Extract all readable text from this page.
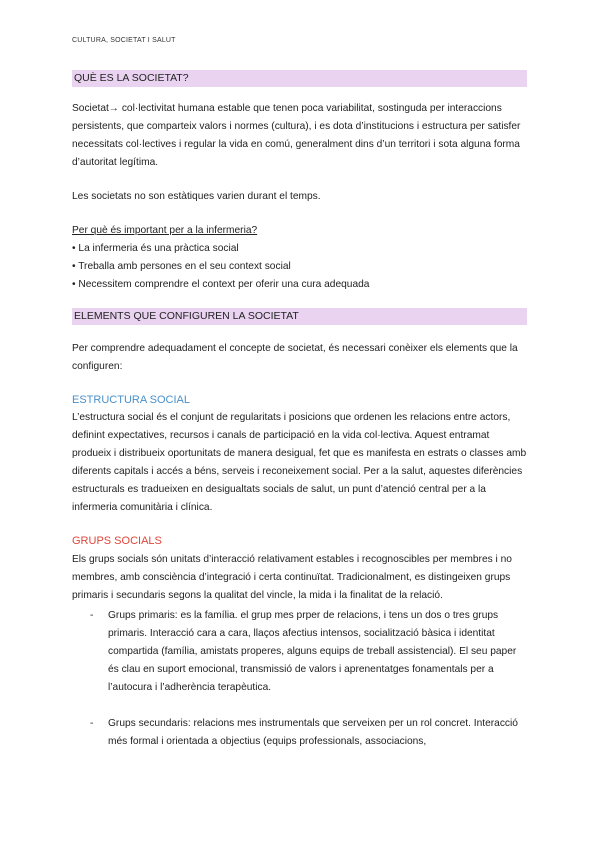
CULTURA, SOCIETAT I SALUT
QUÈ ES LA SOCIETAT?

Societat→ col·lectivitat humana estable que tenen poca variabilitat, sostinguda per interaccions persistents, que comparteix valors i normes (cultura), i es dota d’institucions i estructura per satisfer necessitats col·lectives i regular la vida en comú, generalment dins d’un territori i sota alguna forma d’autoritat legítima.

Les societats no son estàtiques varien durant el temps.

Per què és important per a la infermeria?

• La infermeria és una pràctica social
• Treballa amb persones en el seu context social
• Necessitem comprendre el context per oferir una cura adequada
ELEMENTS QUE CONFIGUREN LA SOCIETAT

Per comprendre adequadament el concepte de societat, és necessari conèixer els elements que la configuren:

ESTRUCTURA SOCIAL

L’estructura social és el conjunt de regularitats i posicions que ordenen les relacions entre actors, definint expectatives, recursos i canals de participació en la vida col·lectiva. Aquest entramat produeix i distribueix oportunitats de manera desigual, fet que es manifesta en estrats o classes amb diferents capitals i accés a béns, serveis i reconeixement social. Per a la salut, aquestes diferències estructurals es tradueixen en desigualtats socials de salut, un punt d’atenció central per a la infermeria comunitària i clínica.

GRUPS SOCIALS

Els grups socials són unitats d’interacció relativament estables i recognoscibles per membres i no membres, amb consciència d’integració i certa continuïtat. Tradicionalment, es distingeixen grups primaris i secundaris segons la qualitat del vincle, la mida i la finalitat de la relació.

- Grups primaris: es la família. el grup mes prper de relacions, i tens un dos o tres grups primaris. Interacció cara a cara, llaços afectius intensos, socialització bàsica i identitat compartida (família, amistats properes, alguns equips de treball assistencial). El seu paper és clau en suport emocional, transmissió de valors i aprenentatges fonamentals per a l’autocura i l’adherència terapèutica.
- Grups secundaris: relacions mes instrumentals que serveixen per un rol concret. Interacció més formal i orientada a objectius (equips professionals, associacions,
